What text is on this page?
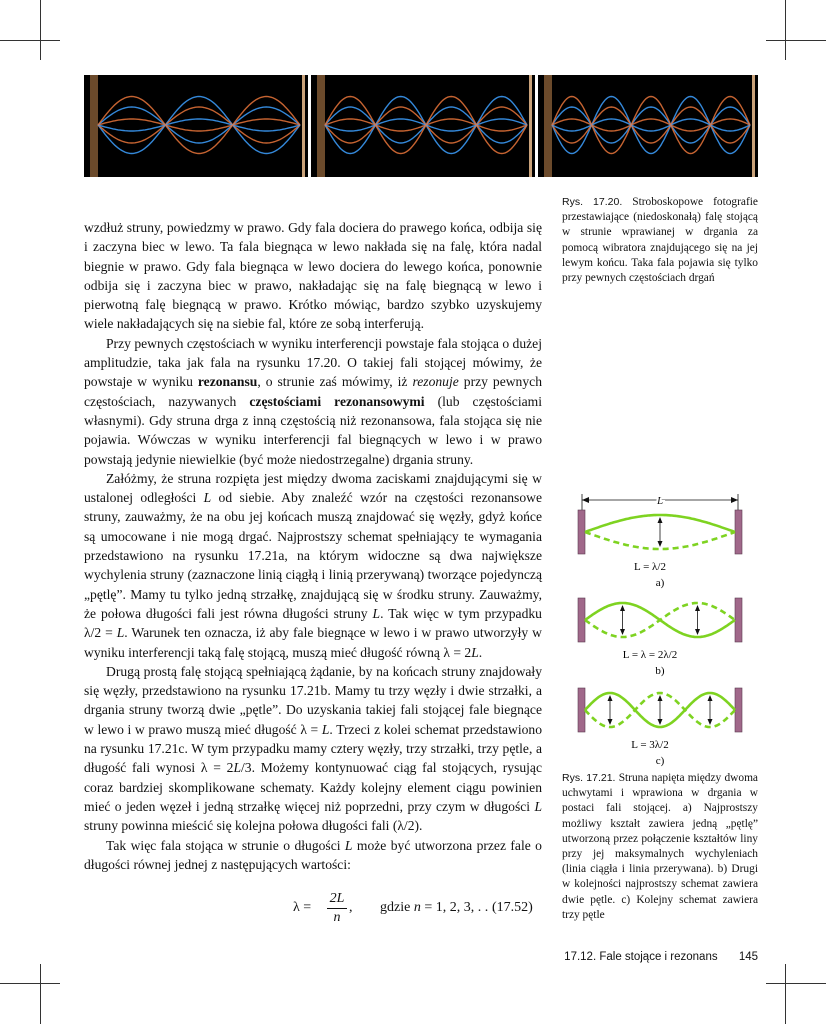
Rys. 17.20. Stroboskopowe fotografie przestawiające (niedoskonałą) falę stojącą w strunie wprawianej w drgania za pomocą wibratora znajdującego się na jej lewym końcu. Taka fala pojawia się tylko przy pewnych częstościach drgań

wzdłuż struny, powiedzmy w prawo. Gdy fala dociera do prawego końca, odbija się i zaczyna biec w lewo. Ta fala biegnąca w lewo nakłada się na falę, która nadal biegnie w prawo. Gdy fala biegnąca w lewo dociera do lewego końca, ponownie odbija się i zaczyna biec w prawo, nakładając się na falę biegnącą w lewo i pierwotną falę biegnącą w prawo. Krótko mówiąc, bardzo szybko uzyskujemy wiele nakładających się na siebie fal, które ze sobą interferują.

Przy pewnych częstościach w wyniku interferencji powstaje fala stojąca o dużej amplitudzie, taka jak fala na rysunku 17.20. O takiej fali stojącej mówimy, że powstaje w wyniku rezonansu, o strunie zaś mówimy, iż rezonuje przy pewnych częstościach, nazywanych częstościami rezonansowymi (lub częstościami własnymi). Gdy struna drga z inną częstością niż rezonansowa, fala stojąca się nie pojawia. Wówczas w wyniku interferencji fal biegnących w lewo i w prawo powstają jedynie niewielkie (być może niedostrzegalne) drgania struny.

Załóżmy, że struna rozpięta jest między dwoma zaciskami znajdującymi się w ustalonej odległości L od siebie. Aby znaleźć wzór na częstości rezonansowe struny, zauważmy, że na obu jej końcach muszą znajdować się węzły, gdyż końce są umocowane i nie mogą drgać. Najprostszy schemat spełniający te wymagania przedstawiono na rysunku 17.21a, na którym widoczne są dwa największe wychylenia struny (zaznaczone linią ciągłą i linią przerywaną) tworzące pojedynczą „pętlę”. Mamy tu tylko jedną strzałkę, znajdującą się w środku struny. Zauważmy, że połowa długości fali jest równa długości struny L. Tak więc w tym przypadku λ/2 = L. Warunek ten oznacza, iż aby fale biegnące w lewo i w prawo utworzyły w wyniku interferencji taką falę stojącą, muszą mieć długość równą λ = 2L.

Drugą prostą falę stojącą spełniającą żądanie, by na końcach struny znajdowały się węzły, przedstawiono na rysunku 17.21b. Mamy tu trzy węzły i dwie strzałki, a drgania struny tworzą dwie „pętle”. Do uzyskania takiej fali stojącej fale biegnące w lewo i w prawo muszą mieć długość λ = L. Trzeci z kolei schemat przedstawiono na rysunku 17.21c. W tym przypadku mamy cztery węzły, trzy strzałki, trzy pętle, a długość fali wynosi λ = 2L/3. Możemy kontynuować ciąg fal stojących, rysując coraz bardziej skomplikowane schematy. Każdy kolejny element ciągu powinien mieć o jeden węzeł i jedną strzałkę więcej niż poprzedni, przy czym w długości L struny powinna mieścić się kolejna połowa długości fali (λ/2).

Tak więc fala stojąca w strunie o długości L może być utworzona przez fale o długości równej jednej z następujących wartości:

$\lambda = \frac{2L}{n}$ , gdzie n = 1, 2, 3, . . .
(17.52)
L
L = λ/2
a)
L = λ = 2λ/2
b)
L = 3λ/2
c)
Rys. 17.21. Struna napięta między dwoma uchwytami i wprawiona w drgania w postaci fali stojącej. a) Najprostszy możliwy kształt zawiera jedną „pętlę” utworzoną przez połączenie kształtów liny przy jej maksymalnych wychyleniach (linia ciągła i linia przerywana). b) Drugi w kolejności najprostszy schemat zawiera dwie pętle. c) Kolejny schemat zawiera trzy pętle
17.12. Fale stojące i rezonans 145
